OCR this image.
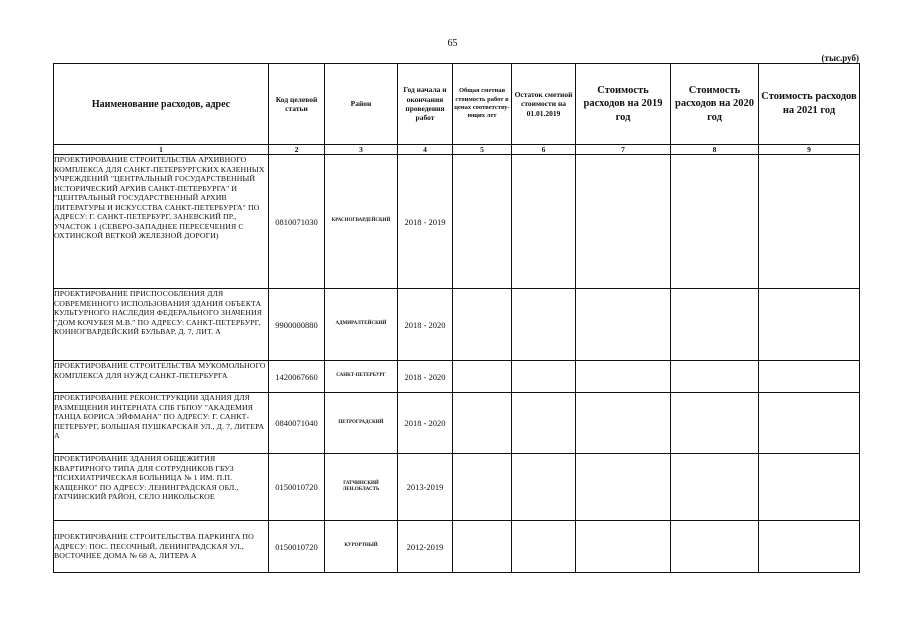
65
(тыс.руб)
Наименование расходов, адрес	Код целевой статьи	Район	Год начала и окончания проведения работ	Общая сметная стоимость работ в ценах соответству-ющих лет	Остаток сметной стоимости на 01.01.2019	Стоимость расходов на 2019 год	Стоимость расходов на 2020 год	Стоимость расходов на 2021 год
1	2	3	4	5	6	7	8	9
ПРОЕКТИРОВАНИЕ СТРОИТЕЛЬСТВА АРХИВНОГО КОМПЛЕКСА ДЛЯ САНКТ-ПЕТЕРБУРГСКИХ КАЗЕННЫХ УЧРЕЖДЕНИЙ "ЦЕНТРАЛЬНЫЙ ГОСУДАРСТВЕННЫЙ ИСТОРИЧЕСКИЙ АРХИВ САНКТ-ПЕТЕРБУРГА" И "ЦЕНТРАЛЬНЫЙ ГОСУДАРСТВЕННЫЙ АРХИВ ЛИТЕРАТУРЫ И ИСКУССТВА САНКТ-ПЕТЕРБУРГА" ПО АДРЕСУ: Г. САНКТ-ПЕТЕРБУРГ, ЗАНЕВСКИЙ ПР., УЧАСТОК 1 (СЕВЕРО-ЗАПАДНЕЕ ПЕРЕСЕЧЕНИЯ С ОХТИНСКОЙ ВЕТКОЙ ЖЕЛЕЗНОЙ ДОРОГИ)	0810071030	КРАСНОГВАРДЕЙСКИЙ	2018 - 2019					
ПРОЕКТИРОВАНИЕ ПРИСПОСОБЛЕНИЯ ДЛЯ СОВРЕМЕННОГО ИСПОЛЬЗОВАНИЯ ЗДАНИЯ ОБЪЕКТА КУЛЬТУРНОГО НАСЛЕДИЯ ФЕДЕРАЛЬНОГО ЗНАЧЕНИЯ "ДОМ КОЧУБЕЯ М.В." ПО АДРЕСУ: САНКТ-ПЕТЕРБУРГ, КОННОГВАРДЕЙСКИЙ БУЛЬВАР, Д. 7, ЛИТ. А	9900000880	АДМИРАЛТЕЙСКИЙ	2018 - 2020					
ПРОЕКТИРОВАНИЕ СТРОИТЕЛЬСТВА МУКОМОЛЬНОГО КОМПЛЕКСА ДЛЯ НУЖД САНКТ-ПЕТЕРБУРГА	1420067660	САНКТ-ПЕТЕРБУРГ	2018 - 2020					
ПРОЕКТИРОВАНИЕ РЕКОНСТРУКЦИИ ЗДАНИЯ ДЛЯ РАЗМЕЩЕНИЯ ИНТЕРНАТА СПБ ГБПОУ "АКАДЕМИЯ ТАНЦА БОРИСА ЭЙФМАНА" ПО АДРЕСУ: Г. САНКТ-ПЕТЕРБУРГ, БОЛЬШАЯ ПУШКАРСКАЯ УЛ., Д. 7, ЛИТЕРА А	0840071040	ПЕТРОГРАДСКИЙ	2018 - 2020					
ПРОЕКТИРОВАНИЕ ЗДАНИЯ ОБЩЕЖИТИЯ КВАРТИРНОГО ТИПА ДЛЯ СОТРУДНИКОВ ГБУЗ "ПСИХИАТРИЧЕСКАЯ БОЛЬНИЦА № 1 ИМ. П.П. КАЩЕНКО" ПО АДРЕСУ: ЛЕНИНГРАДСКАЯ ОБЛ., ГАТЧИНСКИЙ РАЙОН, СЕЛО НИКОЛЬСКОЕ	0150010720	ГАТЧИНСКИЙ ЛЕН.ОБЛАСТЬ	2013-2019					
ПРОЕКТИРОВАНИЕ СТРОИТЕЛЬСТВА ПАРКИНГА ПО АДРЕСУ: ПОС. ПЕСОЧНЫЙ, ЛЕНИНГРАДСКАЯ УЛ., ВОСТОЧНЕЕ ДОМА № 68 А, ЛИТЕРА А	0150010720	КУРОРТНЫЙ	2012-2019					
